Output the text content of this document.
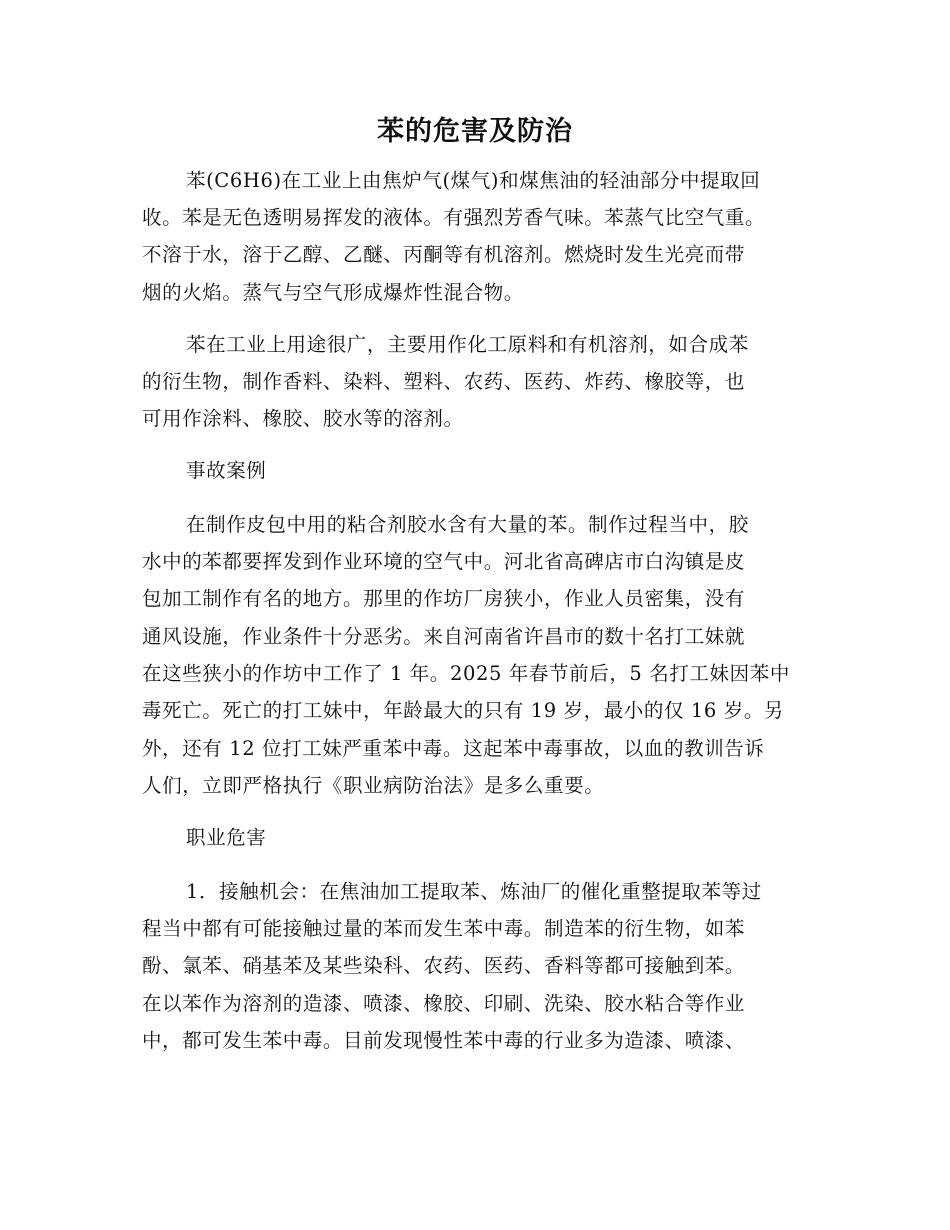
苯的危害及防治
苯(C6H6)在工业上由焦炉气(煤气)和煤焦油的轻油部分中提取回
收。苯是无色透明易挥发的液体。有强烈芳香气味。苯蒸气比空气重。
不溶于水，溶于乙醇、乙醚、丙酮等有机溶剂。燃烧时发生光亮而带
烟的火焰。蒸气与空气形成爆炸性混合物。
苯在工业上用途很广，主要用作化工原料和有机溶剂，如合成苯
的衍生物，制作香料、染料、塑料、农药、医药、炸药、橡胶等，也
可用作涂料、橡胶、胶水等的溶剂。
事故案例
在制作皮包中用的粘合剂胶水含有大量的苯。制作过程当中，胶
水中的苯都要挥发到作业环境的空气中。河北省高碑店市白沟镇是皮
包加工制作有名的地方。那里的作坊厂房狭小，作业人员密集，没有
通风设施，作业条件十分恶劣。来自河南省许昌市的数十名打工妹就
在这些狭小的作坊中工作了 1 年。2025 年春节前后，5 名打工妹因苯中
毒死亡。死亡的打工妹中，年龄最大的只有 19 岁，最小的仅 16 岁。另
外，还有 12 位打工妹严重苯中毒。这起苯中毒事故，以血的教训告诉
人们，立即严格执行《职业病防治法》是多么重要。
职业危害
1．接触机会：在焦油加工提取苯、炼油厂的催化重整提取苯等过
程当中都有可能接触过量的苯而发生苯中毒。制造苯的衍生物，如苯
酚、氯苯、硝基苯及某些染科、农药、医药、香料等都可接触到苯。
在以苯作为溶剂的造漆、喷漆、橡胶、印刷、洗染、胶水粘合等作业
中，都可发生苯中毒。目前发现慢性苯中毒的行业多为造漆、喷漆、
